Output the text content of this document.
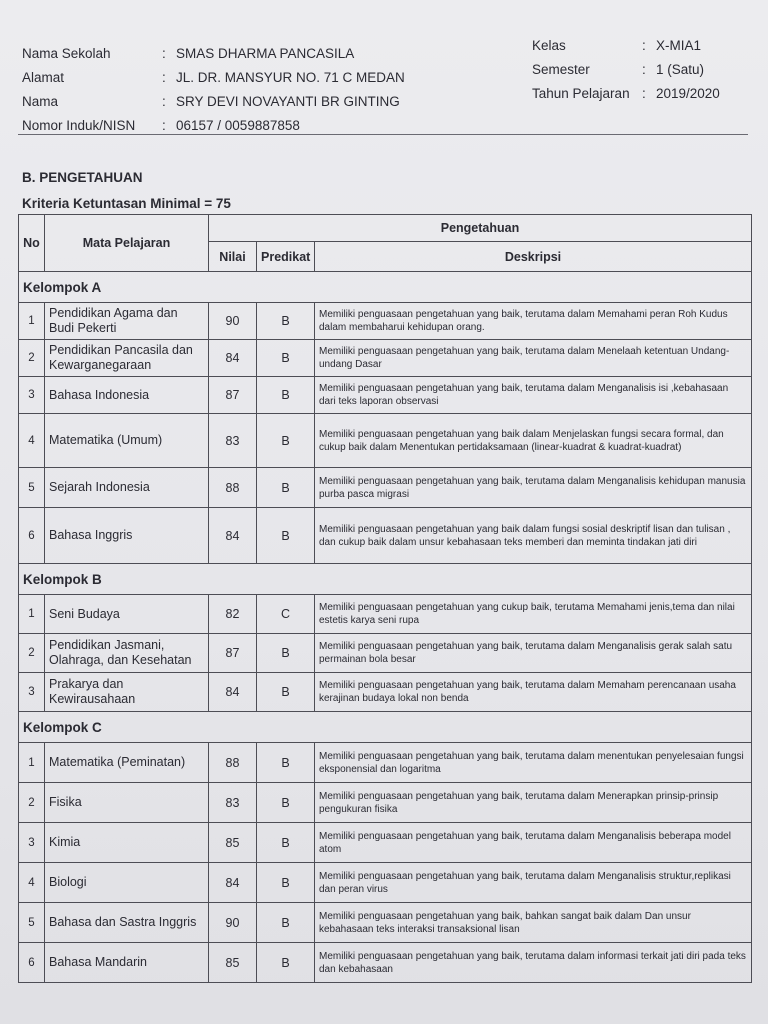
Nama Sekolah	: SMAS DHARMA PANCASILA
Alamat	: JL. DR. MANSYUR NO. 71 C MEDAN
Nama	: SRY DEVI NOVAYANTI BR GINTING
Nomor Induk/NISN	: 06157 / 0059887858
Kelas	: X-MIA1
Semester	: 1 (Satu)
Tahun Pelajaran : 2019/2020
B. PENGETAHUAN
Kriteria Ketuntasan Minimal = 75
No	Mata Pelajaran	Pengetahuan		
		Nilai	Predikat	Deskripsi
Kelompok A				
1	Pendidikan Agama dan Budi Pekerti	90	B	Memiliki penguasaan pengetahuan yang baik, terutama dalam Memahami peran Roh Kudus dalam membaharui kehidupan orang.
2	Pendidikan Pancasila dan Kewarganegaraan	84	B	Memiliki penguasaan pengetahuan yang baik, terutama dalam Menelaah ketentuan Undang-undang Dasar
3	Bahasa Indonesia	87	B	Memiliki penguasaan pengetahuan yang baik, terutama dalam Menganalisis isi ,kebahasaan dari teks laporan observasi
4	Matematika (Umum)	83	B	Memiliki penguasaan pengetahuan yang baik dalam Menjelaskan fungsi secara formal, dan cukup baik dalam Menentukan pertidaksamaan (linear-kuadrat & kuadrat-kuadrat)
5	Sejarah Indonesia	88	B	Memiliki penguasaan pengetahuan yang baik, terutama dalam Menganalisis kehidupan manusia purba pasca migrasi
6	Bahasa Inggris	84	B	Memiliki penguasaan pengetahuan yang baik dalam fungsi sosial deskriptif lisan dan tulisan , dan cukup baik dalam unsur kebahasaan teks memberi dan meminta tindakan jati diri
Kelompok B				
1	Seni Budaya	82	C	Memiliki penguasaan pengetahuan yang cukup baik, terutama Memahami jenis,tema dan nilai estetis karya seni rupa
2	Pendidikan Jasmani, Olahraga, dan Kesehatan	87	B	Memiliki penguasaan pengetahuan yang baik, terutama dalam Menganalisis gerak salah satu permainan bola besar
3	Prakarya dan Kewirausahaan	84	B	Memiliki penguasaan pengetahuan yang baik, terutama dalam Memaham perencanaan usaha kerajinan budaya lokal non benda
Kelompok C				
1	Matematika (Peminatan)	88	B	Memiliki penguasaan pengetahuan yang baik, terutama dalam menentukan penyelesaian fungsi eksponensial dan logaritma
2	Fisika	83	B	Memiliki penguasaan pengetahuan yang baik, terutama dalam Menerapkan prinsip-prinsip pengukuran fisika
3	Kimia	85	B	Memiliki penguasaan pengetahuan yang baik, terutama dalam Menganalisis beberapa model atom
4	Biologi	84	B	Memiliki penguasaan pengetahuan yang baik, terutama dalam Menganalisis struktur,replikasi dan peran virus
5	Bahasa dan Sastra Inggris	90	B	Memiliki penguasaan pengetahuan yang baik, bahkan sangat baik dalam Dan unsur kebahasaan teks interaksi transaksional lisan
6	Bahasa Mandarin	85	B	Memiliki penguasaan pengetahuan yang baik, terutama dalam informasi terkait jati diri pada teks dan kebahasaan
